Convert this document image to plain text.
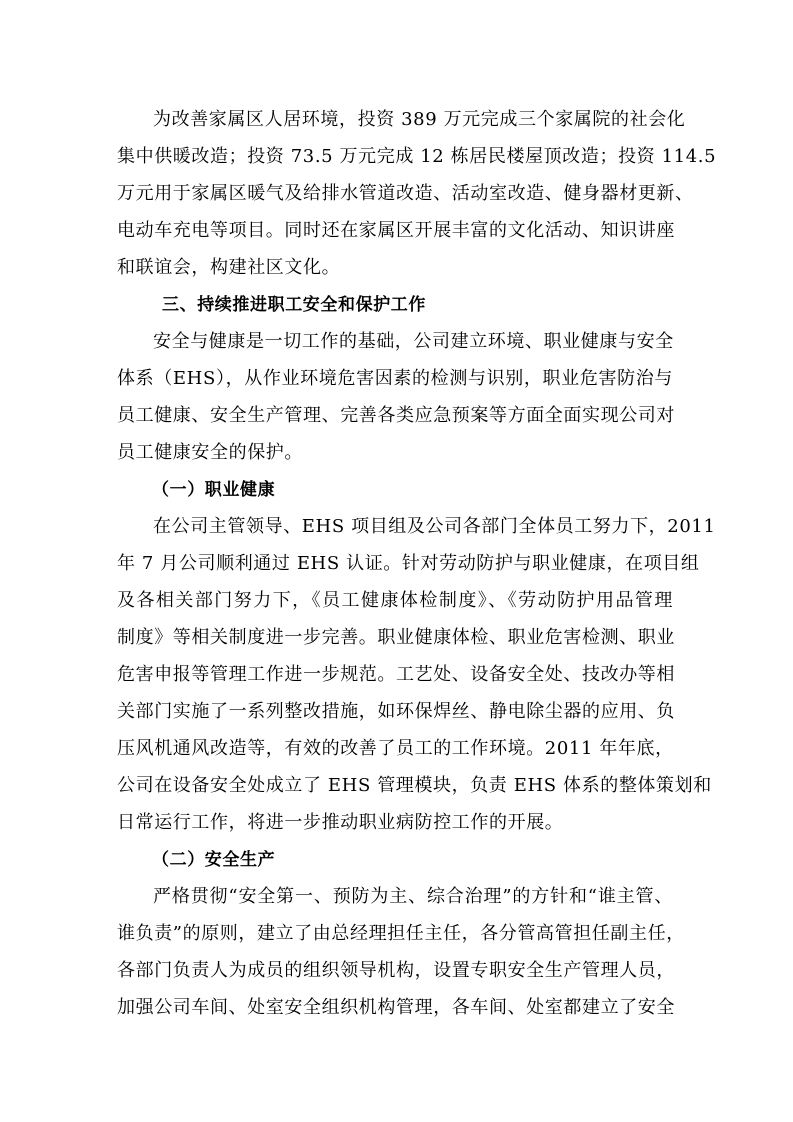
为改善家属区人居环境，投资 389 万元完成三个家属院的社会化
集中供暖改造；投资 73.5 万元完成 12 栋居民楼屋顶改造；投资 114.5
万元用于家属区暖气及给排水管道改造、活动室改造、健身器材更新、
电动车充电等项目。同时还在家属区开展丰富的文化活动、知识讲座
和联谊会，构建社区文化。
三、持续推进职工安全和保护工作
安全与健康是一切工作的基础，公司建立环境、职业健康与安全
体系（EHS），从作业环境危害因素的检测与识别，职业危害防治与
员工健康、安全生产管理、完善各类应急预案等方面全面实现公司对
员工健康安全的保护。
（一）职业健康
在公司主管领导、EHS 项目组及公司各部门全体员工努力下，2011
年 7 月公司顺利通过 EHS 认证。针对劳动防护与职业健康，在项目组
及各相关部门努力下，《员工健康体检制度》、《劳动防护用品管理
制度》等相关制度进一步完善。职业健康体检、职业危害检测、职业
危害申报等管理工作进一步规范。工艺处、设备安全处、技改办等相
关部门实施了一系列整改措施，如环保焊丝、静电除尘器的应用、负
压风机通风改造等，有效的改善了员工的工作环境。2011 年年底，
公司在设备安全处成立了 EHS 管理模块，负责 EHS 体系的整体策划和
日常运行工作，将进一步推动职业病防控工作的开展。
（二）安全生产
严格贯彻“安全第一、预防为主、综合治理”的方针和“谁主管、
谁负责”的原则，建立了由总经理担任主任，各分管高管担任副主任，
各部门负责人为成员的组织领导机构，设置专职安全生产管理人员，
加强公司车间、处室安全组织机构管理，各车间、处室都建立了安全
